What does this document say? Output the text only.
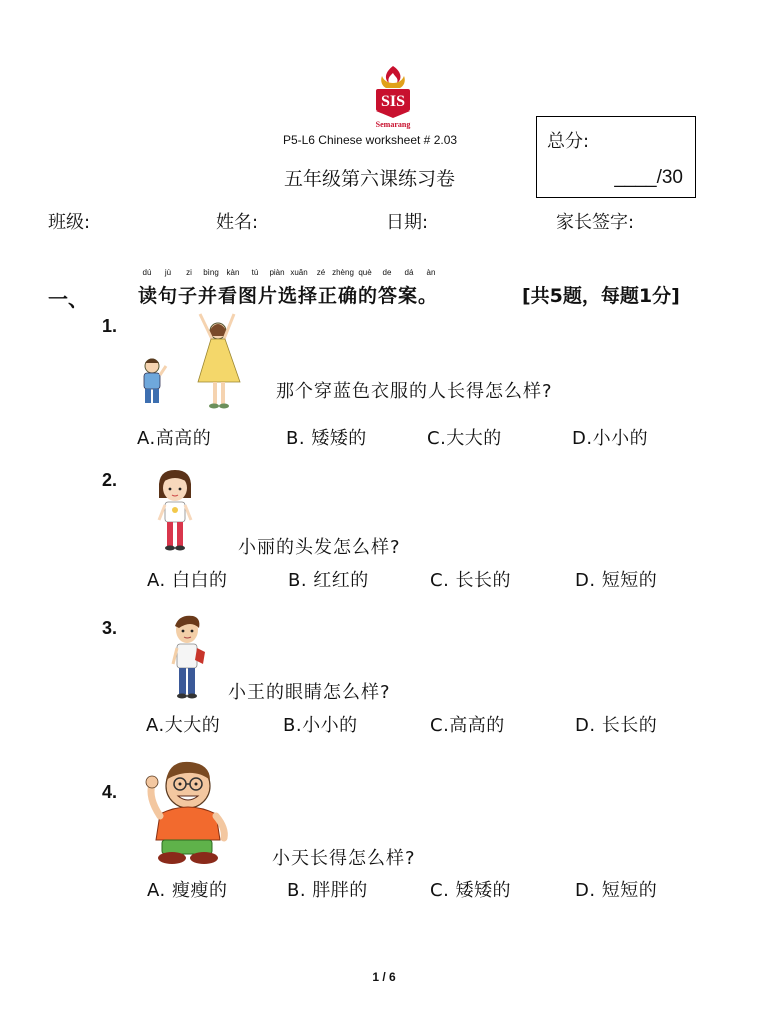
SIS
Semarang
P5-L6 Chinese worksheet # 2.03	总分:
____/30
五年级第六课练习卷
班级:	姓名:	日期:	家长签字:
一、
dú jù zi bìng kàn tú piàn xuǎn zé zhèng què de dá àn
读句子并看图片选择正确的答案。	[共5题，每题1分]
1.
那个穿蓝色衣服的人长得怎么样?
A.高高的	B. 矮矮的	C.大大的	D.小小的
2.
小丽的头发怎么样?
A. 白白的	B. 红红的	C. 长长的	D. 短短的
3.
小王的眼睛怎么样?
A.大大的	B.小小的	C.高高的	D. 长长的
4.
小天长得怎么样?
A. 瘦瘦的	B. 胖胖的	C. 矮矮的	D. 短短的
1 / 6
